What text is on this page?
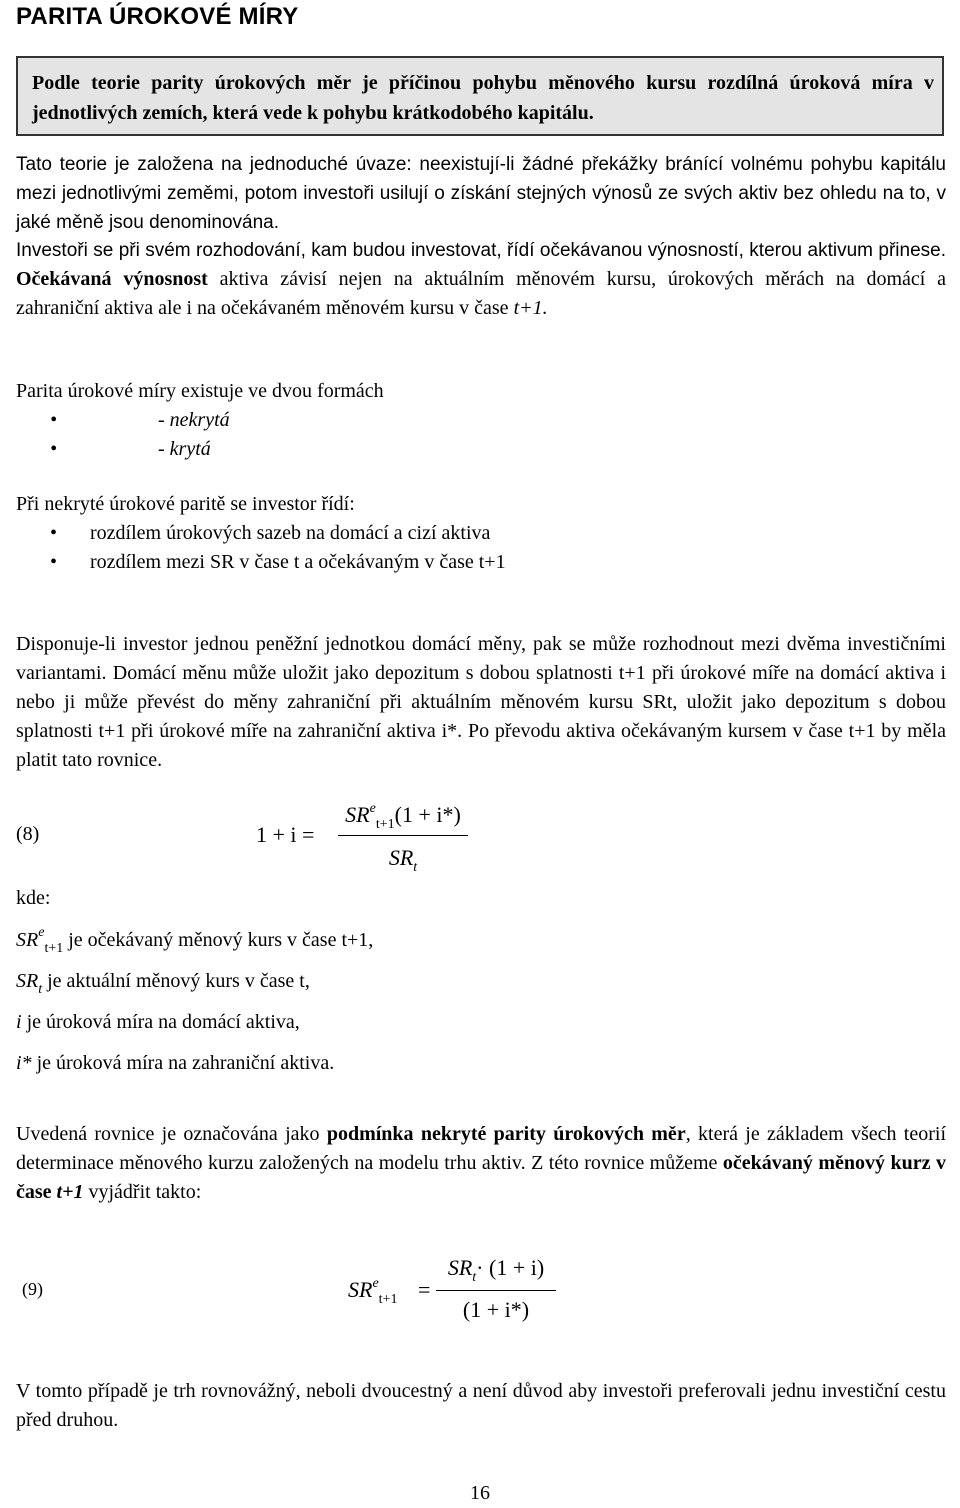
PARITA ÚROKOVÉ MÍRY
Podle teorie parity úrokových měr je příčinou pohybu měnového kursu rozdílná úroková míra v jednotlivých zemích, která vede k pohybu krátkodobého kapitálu.

Tato teorie je založena na jednoduché úvaze: neexistují-li žádné překážky bránící volnému pohybu kapitálu mezi jednotlivými zeměmi, potom investoři usilují o získání stejných výnosů ze svých aktiv bez ohledu na to, v jaké měně jsou denominována.

Investoři se při svém rozhodování, kam budou investovat, řídí očekávanou výnosností, kterou aktivum přinese. Očekávaná výnosnost aktiva závisí nejen na aktuálním měnovém kursu, úrokových měrách na domácí a zahraniční aktiva ale i na očekávaném měnovém kursu v čase t+1.

Parita úrokové míry existuje ve dvou formách

• - nekrytá
• - krytá

Při nekryté úrokové paritě se investor řídí:

• rozdílem úrokových sazeb na domácí a cizí aktiva
• rozdílem mezi SR v čase t a očekávaným v čase t+1

Disponuje-li investor jednou peněžní jednotkou domácí měny, pak se může rozhodnout mezi dvěma investičními variantami. Domácí měnu může uložit jako depozitum s dobou splatnosti t+1 při úrokové míře na domácí aktiva i nebo ji může převést do měny zahraniční při aktuálním měnovém kursu SRt, uložit jako depozitum s dobou splatnosti t+1 při úrokové míře na zahraniční aktiva i*. Po převodu aktiva očekávaným kursem v čase t+1 by měla platit tato rovnice.

(8)	1 + i =
$SR^e_{t+1}(1 + i*)$
$SR_t$

kde:

$SR^e_{t+1}$ je očekávaný měnový kurs v čase t+1,
$SR_t$ je aktuální měnový kurs v čase t,
i je úroková míra na domácí aktiva,
i* je úroková míra na zahraniční aktiva.

Uvedená rovnice je označována jako podmínka nekryté parity úrokových měr, která je základem všech teorií determinace měnového kurzu založených na modelu trhu aktiv. Z této rovnice můžeme očekávaný měnový kurz v čase t+1 vyjádřit takto:

(9)	$SR^e_{t+1}$ =
$SR_t\cdot (1 + i)$
(1 + i*)

V tomto případě je trh rovnovážný, neboli dvoucestný a není důvod aby investoři preferovali jednu investiční cestu před druhou.

16
